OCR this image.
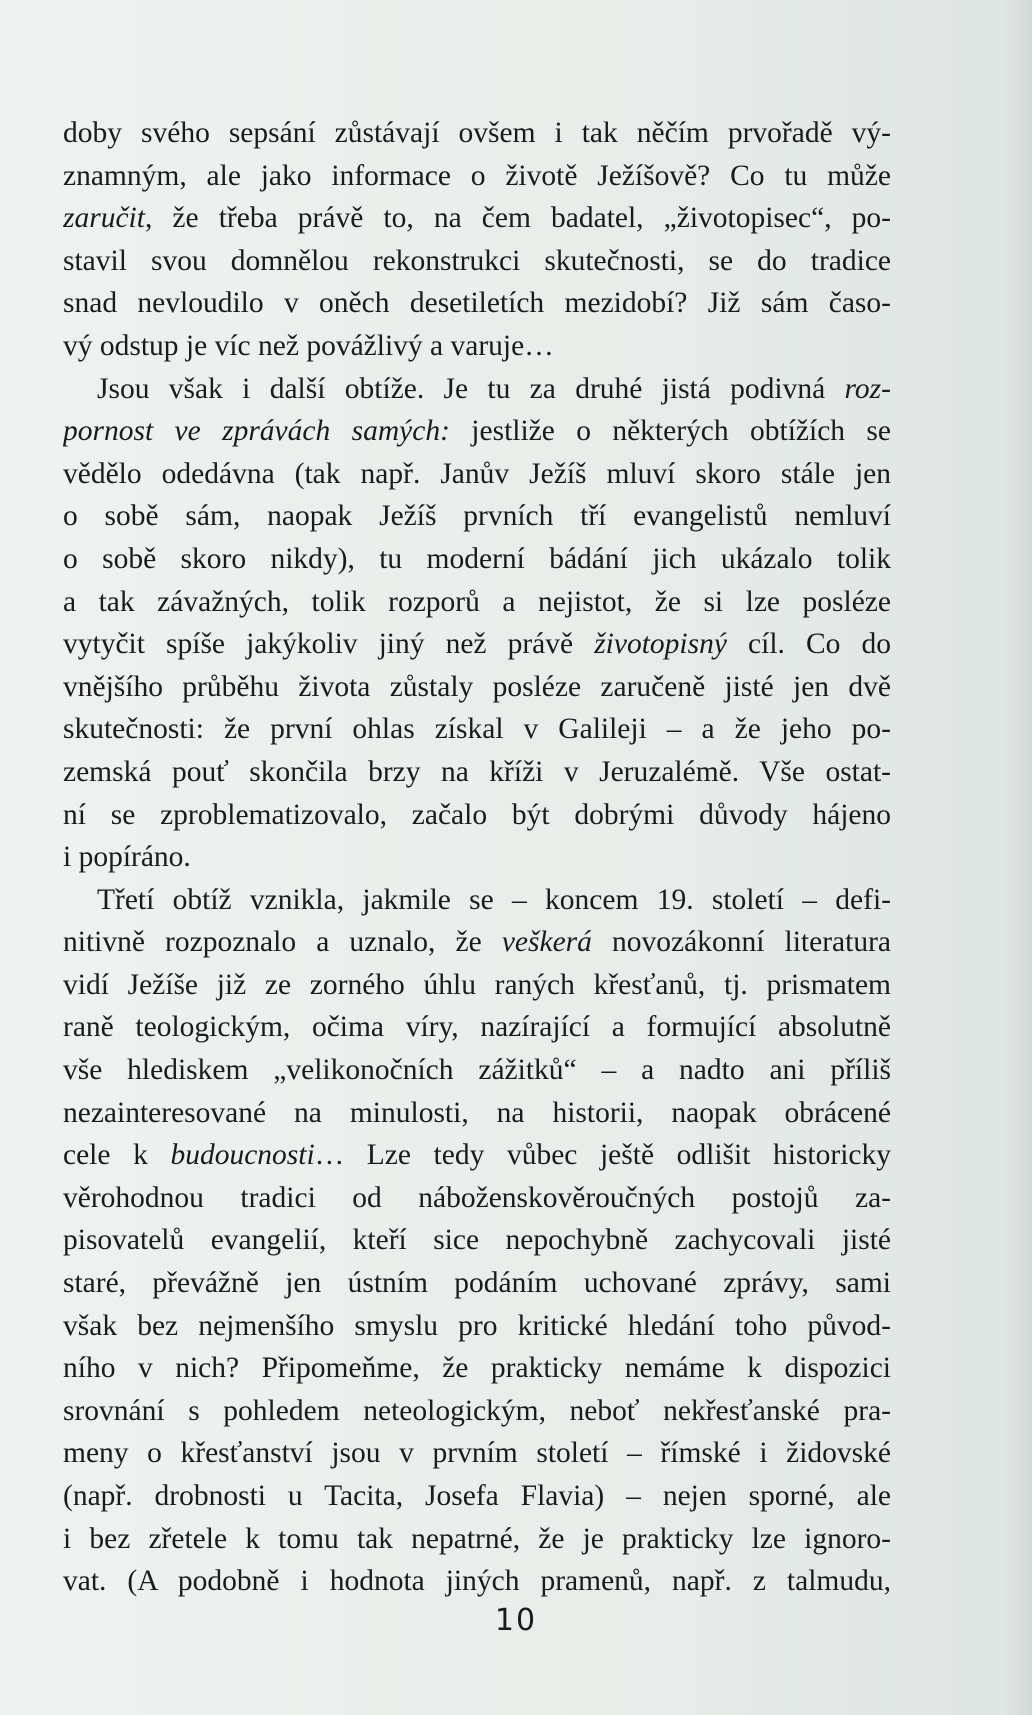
doby svého sepsání zůstávají ovšem i tak něčím prvořadě vý-
znamným, ale jako informace o životě Ježíšově? Co tu může
zaručit, že třeba právě to, na čem badatel, „životopisec“, po-
stavil svou domnělou rekonstrukci skutečnosti, se do tradice
snad nevloudilo v oněch desetiletích mezidobí? Již sám časo-
vý odstup je víc než povážlivý a varuje…
Jsou však i další obtíže. Je tu za druhé jistá podivná roz-
pornost ve zprávách samých: jestliže o některých obtížích se
vědělo odedávna (tak např. Janův Ježíš mluví skoro stále jen
o sobě sám, naopak Ježíš prvních tří evangelistů nemluví
o sobě skoro nikdy), tu moderní bádání jich ukázalo tolik
a tak závažných, tolik rozporů a nejistot, že si lze posléze
vytyčit spíše jakýkoliv jiný než právě životopisný cíl. Co do
vnějšího průběhu života zůstaly posléze zaručeně jisté jen dvě
skutečnosti: že první ohlas získal v Galileji – a že jeho po-
zemská pouť skončila brzy na kříži v Jeruzalémě. Vše ostat-
ní se zproblematizovalo, začalo být dobrými důvody hájeno
i popíráno.
Třetí obtíž vznikla, jakmile se – koncem 19. století – defi-
nitivně rozpoznalo a uznalo, že veškerá novozákonní literatura
vidí Ježíše již ze zorného úhlu raných křesťanů, tj. prismatem
raně teologickým, očima víry, nazírající a formující absolutně
vše hlediskem „velikonočních zážitků“ – a nadto ani příliš
nezainteresované na minulosti, na historii, naopak obrácené
cele k budoucnosti… Lze tedy vůbec ještě odlišit historicky
věrohodnou tradici od náboženskověroučných postojů za-
pisovatelů evangelií, kteří sice nepochybně zachycovali jisté
staré, převážně jen ústním podáním uchované zprávy, sami
však bez nejmenšího smyslu pro kritické hledání toho původ-
ního v nich? Připomeňme, že prakticky nemáme k dispozici
srovnání s pohledem neteologickým, neboť nekřesťanské pra-
meny o křesťanství jsou v prvním století – římské i židovské
(např. drobnosti u Tacita, Josefa Flavia) – nejen sporné, ale
i bez zřetele k tomu tak nepatrné, že je prakticky lze ignoro-
vat. (A podobně i hodnota jiných pramenů, např. z talmudu,
10
